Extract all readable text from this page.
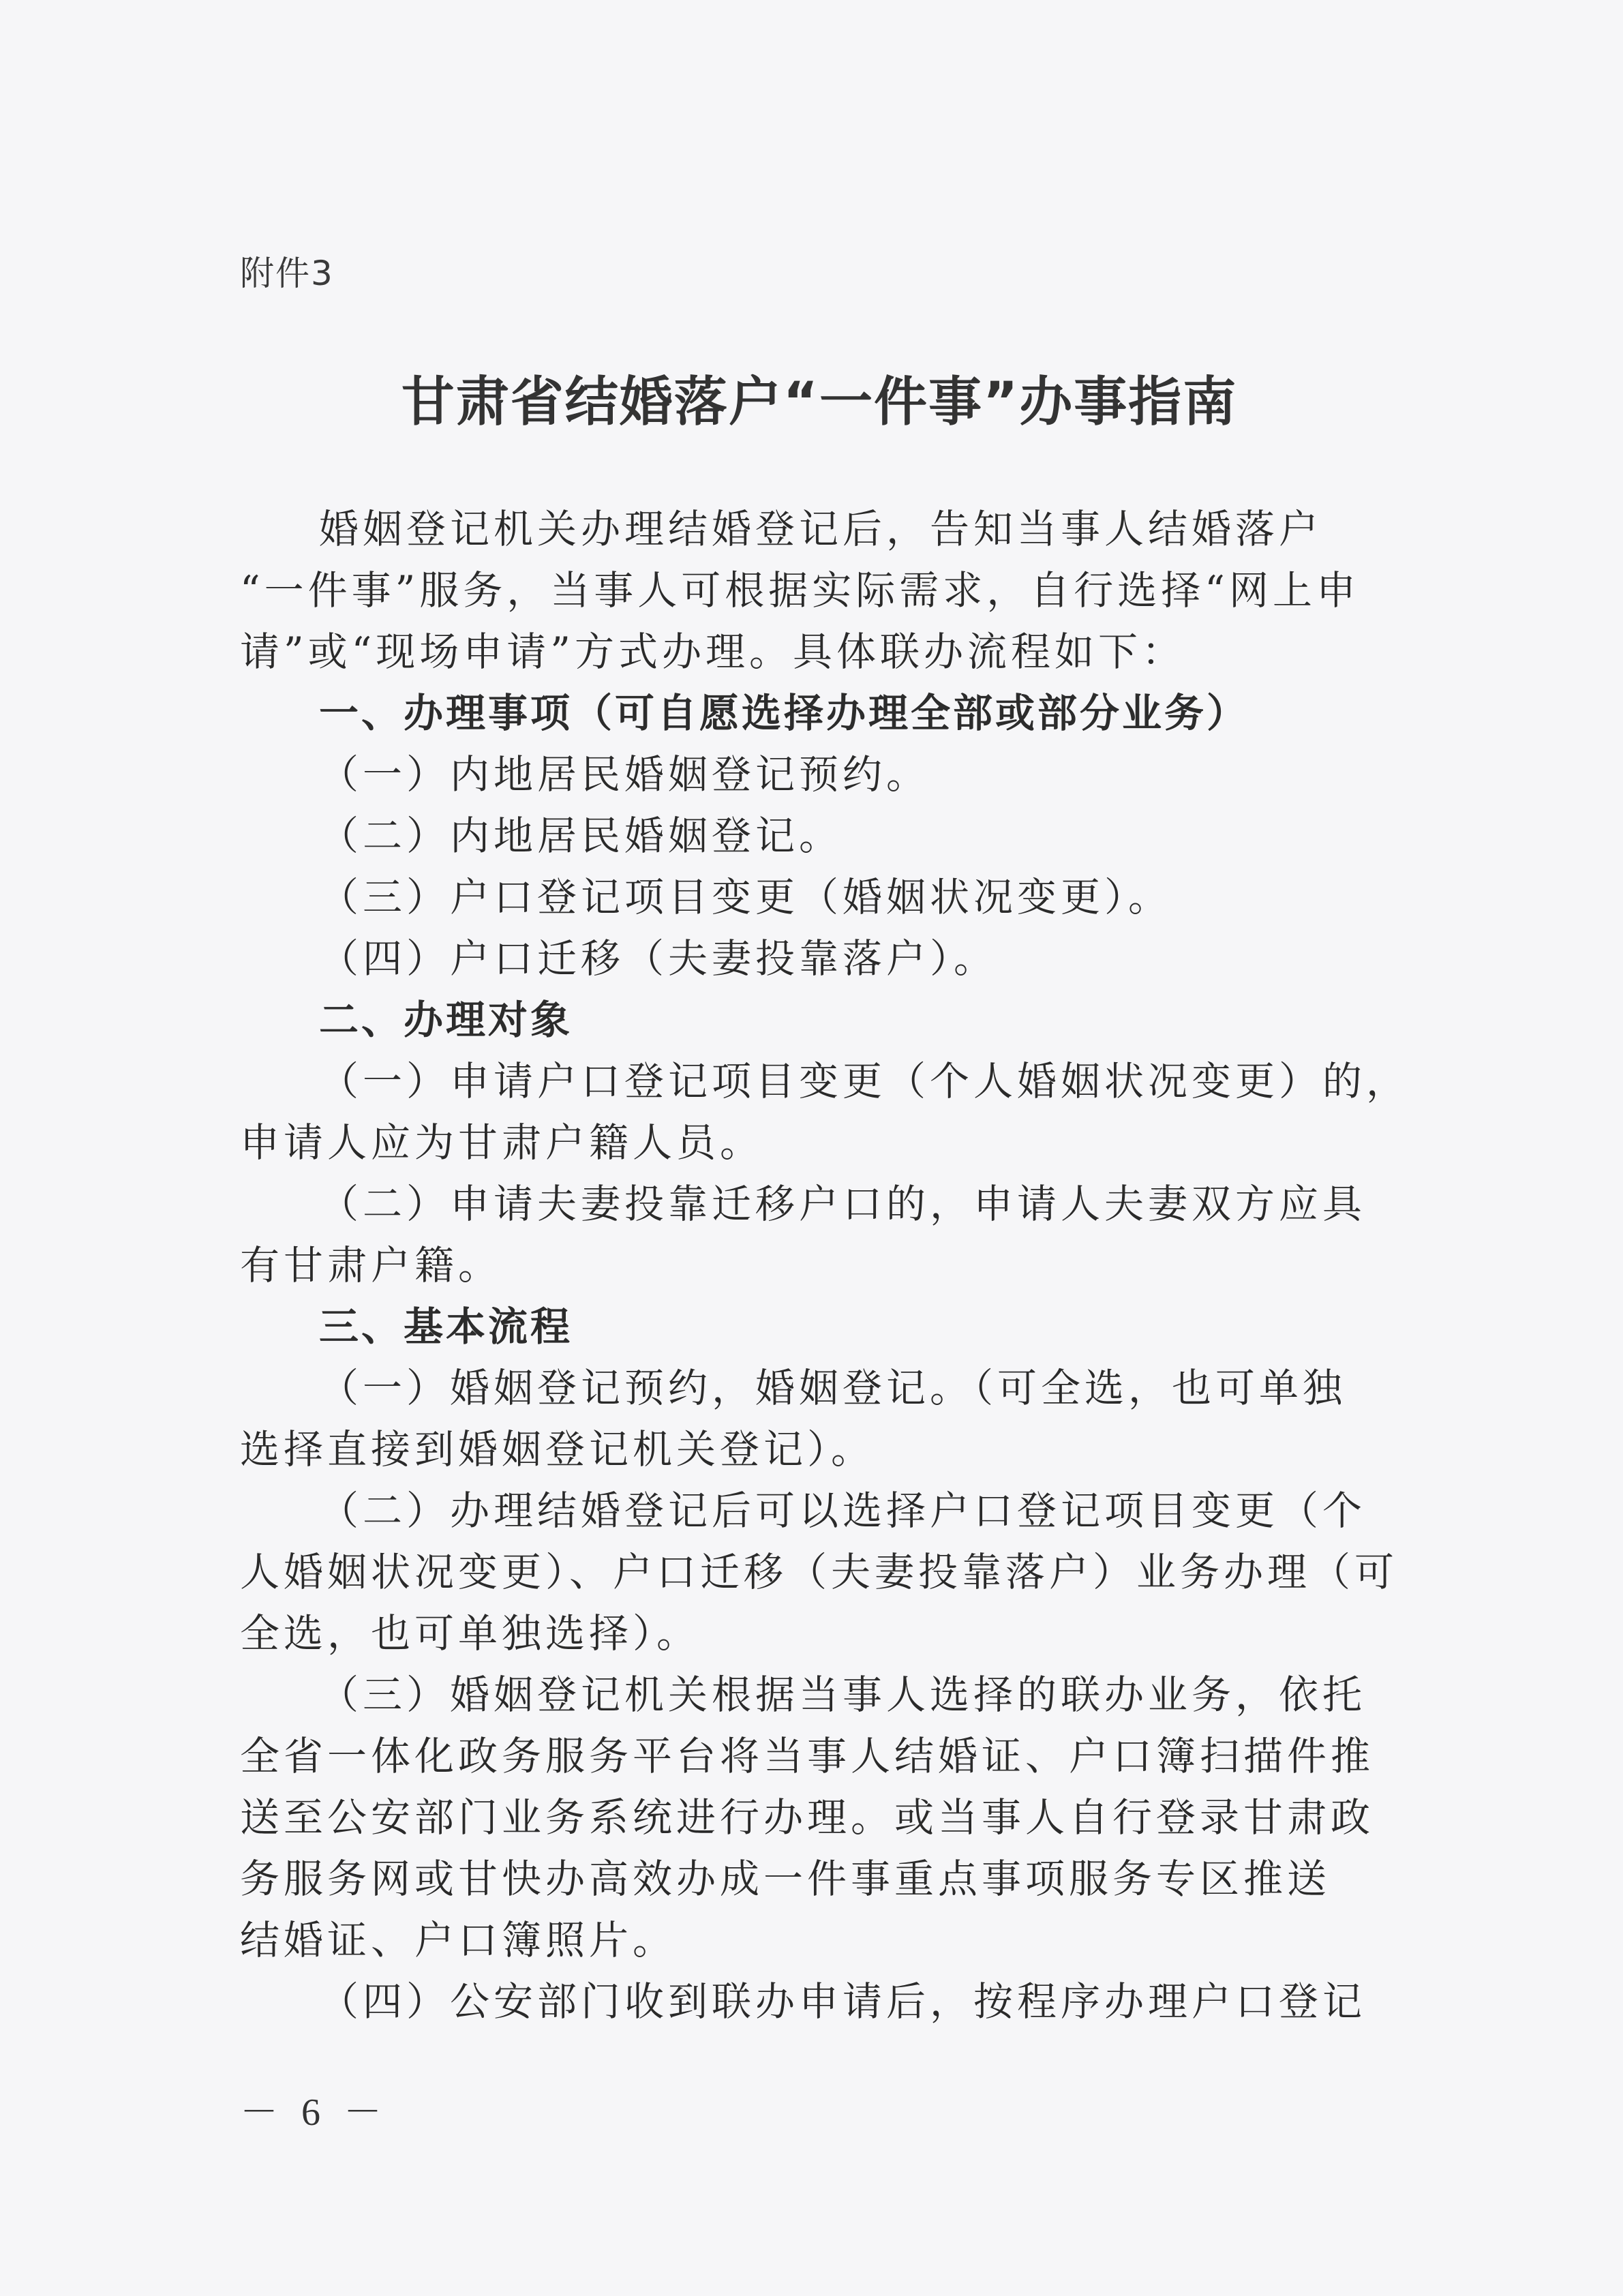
附件3
甘肃省结婚落户“一件事”办事指南
婚姻登记机关办理结婚登记后，告知当事人结婚落户
“一件事”服务，当事人可根据实际需求，自行选择“网上申
请”或“现场申请”方式办理。具体联办流程如下：
一、办理事项（可自愿选择办理全部或部分业务）
（一）内地居民婚姻登记预约。
（二）内地居民婚姻登记。
（三）户口登记项目变更（婚姻状况变更）。
（四）户口迁移（夫妻投靠落户）。
二、办理对象
（一）申请户口登记项目变更（个人婚姻状况变更）的，
申请人应为甘肃户籍人员。
（二）申请夫妻投靠迁移户口的，申请人夫妻双方应具
有甘肃户籍。
三、基本流程
（一）婚姻登记预约，婚姻登记。（可全选，也可单独
选择直接到婚姻登记机关登记）。
（二）办理结婚登记后可以选择户口登记项目变更（个
人婚姻状况变更）、户口迁移（夫妻投靠落户）业务办理（可
全选，也可单独选择）。
（三）婚姻登记机关根据当事人选择的联办业务，依托
全省一体化政务服务平台将当事人结婚证、户口簿扫描件推
送至公安部门业务系统进行办理。或当事人自行登录甘肃政
务服务网或甘快办高效办成一件事重点事项服务专区推送
结婚证、户口簿照片。
（四）公安部门收到联办申请后，按程序办理户口登记
－ 6 －
